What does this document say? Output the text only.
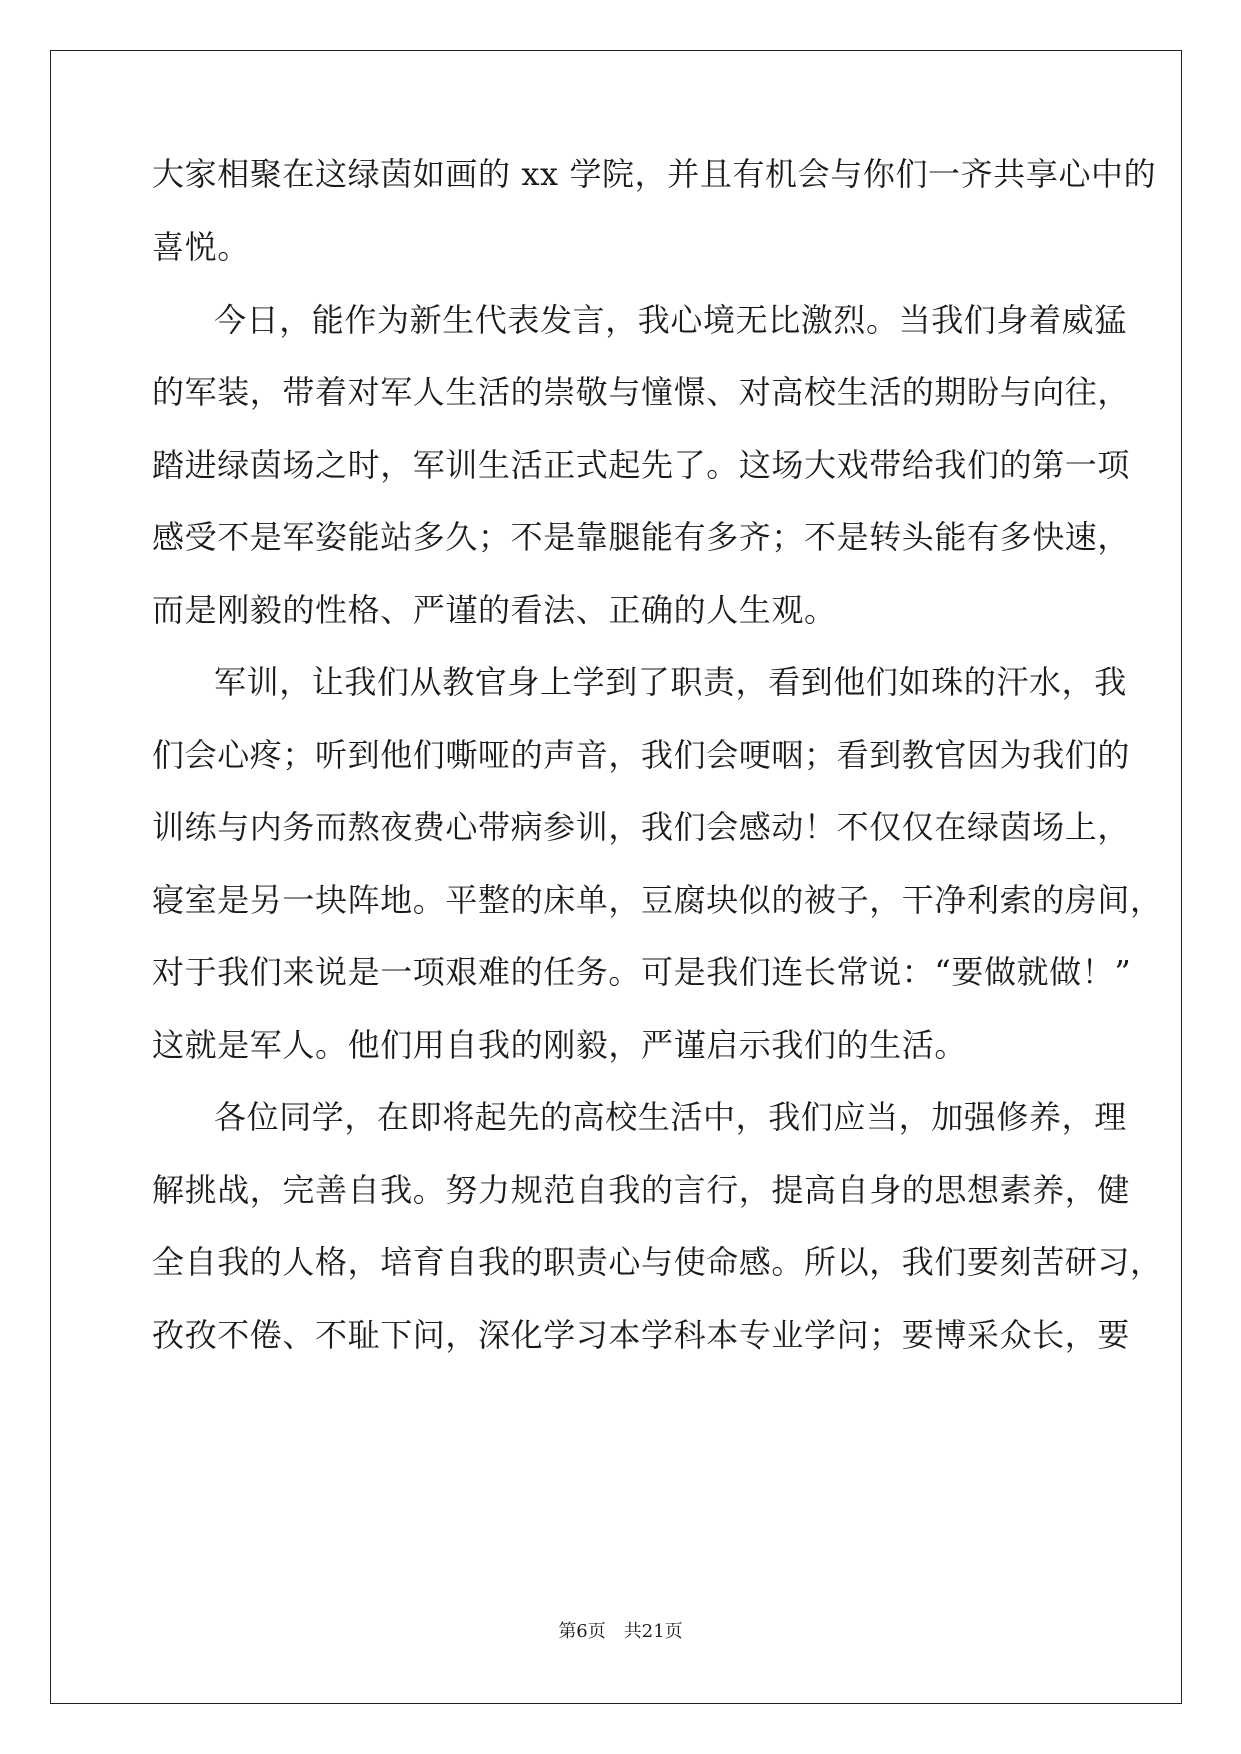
大家相聚在这绿茵如画的 xx 学院，并且有机会与你们一齐共享心中的

喜悦。

今日，能作为新生代表发言，我心境无比激烈。当我们身着威猛

的军装，带着对军人生活的崇敬与憧憬、对高校生活的期盼与向往，

踏进绿茵场之时，军训生活正式起先了。这场大戏带给我们的第一项

感受不是军姿能站多久；不是靠腿能有多齐；不是转头能有多快速，

而是刚毅的性格、严谨的看法、正确的人生观。

军训，让我们从教官身上学到了职责，看到他们如珠的汗水，我

们会心疼；听到他们嘶哑的声音，我们会哽咽；看到教官因为我们的

训练与内务而熬夜费心带病参训，我们会感动！不仅仅在绿茵场上，

寝室是另一块阵地。平整的床单，豆腐块似的被子，干净利索的房间，

对于我们来说是一项艰难的任务。可是我们连长常说：“要做就做！”

这就是军人。他们用自我的刚毅，严谨启示我们的生活。

各位同学，在即将起先的高校生活中，我们应当，加强修养，理

解挑战，完善自我。努力规范自我的言行，提高自身的思想素养，健

全自我的人格，培育自我的职责心与使命感。所以，我们要刻苦研习，

孜孜不倦、不耻下问，深化学习本学科本专业学问；要博采众长，要

第6页 共21页
